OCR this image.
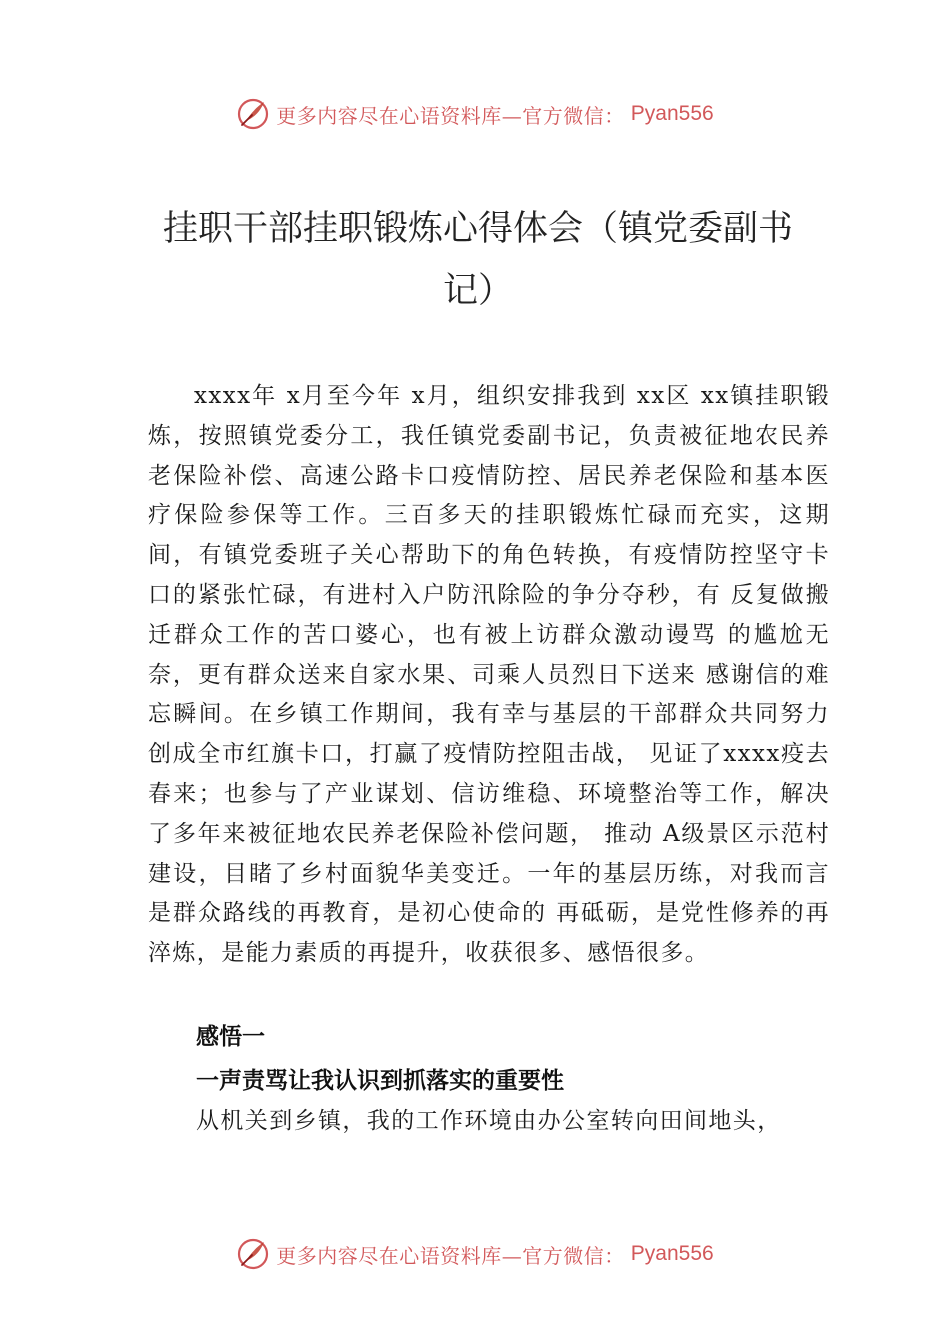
更多内容尽在心语资料库—官方微信： Pyan556
挂职干部挂职锻炼心得体会（镇党委副书记）

xxxx年 x月至今年 x月，组织安排我到 xx区 xx镇挂职锻炼，按照镇党委分工，我任镇党委副书记，负责被征地农民养老保险补偿、高速公路卡口疫情防控、居民养老保险和基本医疗保险参保等工作。三百多天的挂职锻炼忙碌而充实，这期间，有镇党委班子关心帮助下的角色转换，有疫情防控坚守卡口的紧张忙碌，有进村入户防汛除险的争分夺秒，有 反复做搬迁群众工作的苦口婆心，也有被上访群众激动谩骂 的尴尬无奈，更有群众送来自家水果、司乘人员烈日下送来 感谢信的难忘瞬间。在乡镇工作期间，我有幸与基层的干部群众共同努力创成全市红旗卡口，打赢了疫情防控阻击战， 见证了xxxx疫去春来；也参与了产业谋划、信访维稳、环境整治等工作，解决了多年来被征地农民养老保险补偿问题， 推动 A级景区示范村建设，目睹了乡村面貌华美变迁。一年的基层历练，对我而言是群众路线的再教育，是初心使命的 再砥砺，是党性修养的再淬炼，是能力素质的再提升，收获很多、感悟很多。

感悟一

一声责骂让我认识到抓落实的重要性

从机关到乡镇，我的工作环境由办公室转向田间地头，

更多内容尽在心语资料库—官方微信： Pyan556
